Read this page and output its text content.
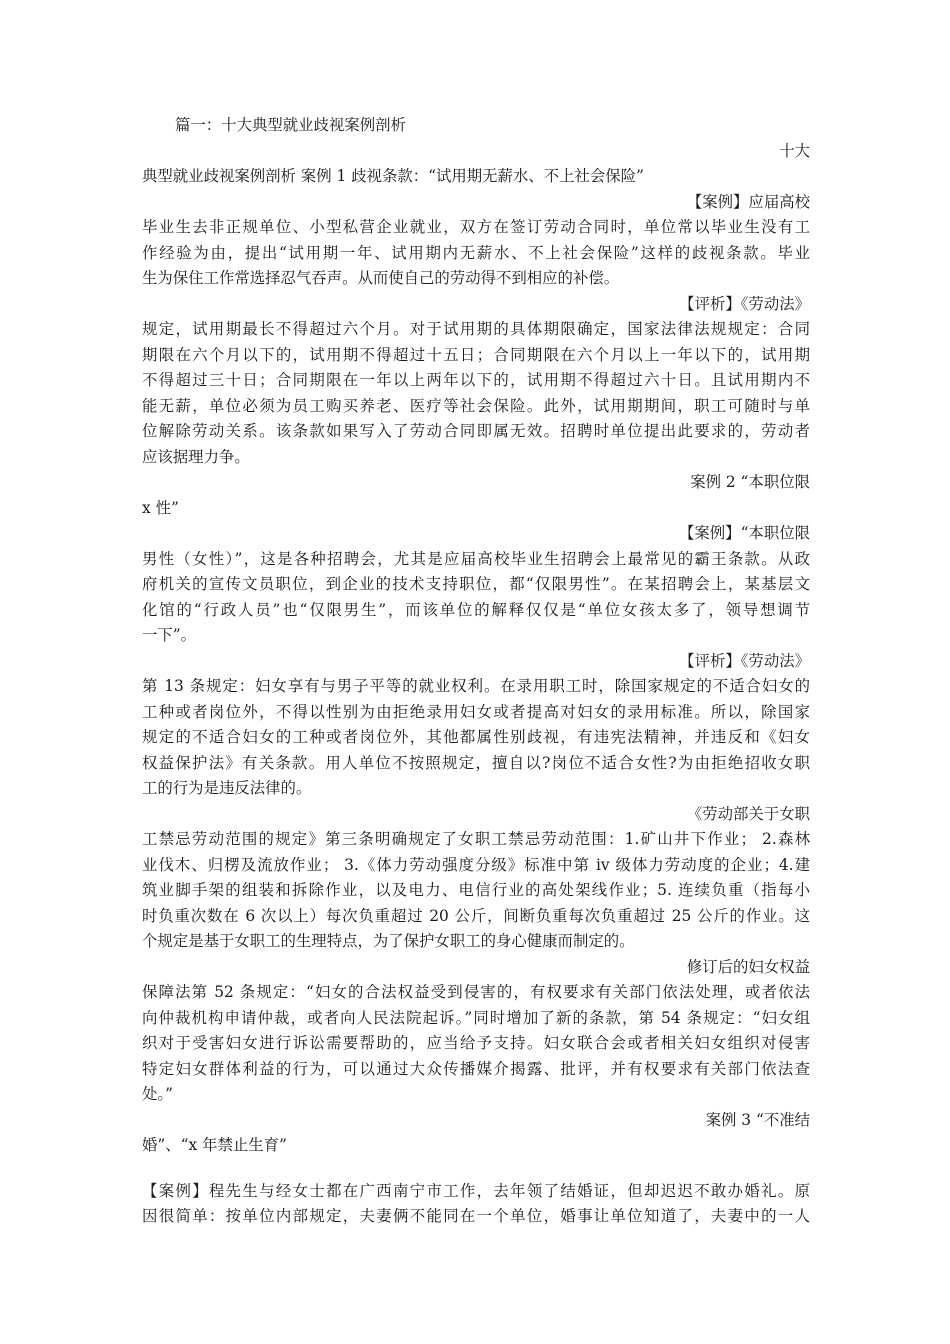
篇一：十大典型就业歧视案例剖析
十大
典型就业歧视案例剖析 案例 1 歧视条款：“试用期无薪水、不上社会保险”
【案例】应届高校
毕业生去非正规单位、小型私营企业就业，双方在签订劳动合同时，单位常以毕业生没有工
作经验为由，提出“试用期一年、试用期内无薪水、不上社会保险”这样的歧视条款。毕业
生为保住工作常选择忍气吞声。从而使自己的劳动得不到相应的补偿。
【评析】《劳动法》
规定，试用期最长不得超过六个月。对于试用期的具体期限确定，国家法律法规规定：合同
期限在六个月以下的，试用期不得超过十五日；合同期限在六个月以上一年以下的，试用期
不得超过三十日；合同期限在一年以上两年以下的，试用期不得超过六十日。且试用期内不
能无薪，单位必须为员工购买养老、医疗等社会保险。此外，试用期期间，职工可随时与单
位解除劳动关系。该条款如果写入了劳动合同即属无效。招聘时单位提出此要求的，劳动者
应该据理力争。
案例 2 “本职位限
x 性”
【案例】“本职位限
男性（女性）”，这是各种招聘会，尤其是应届高校毕业生招聘会上最常见的霸王条款。从政
府机关的宣传文员职位，到企业的技术支持职位，都“仅限男性”。在某招聘会上，某基层文
化馆的“行政人员”也“仅限男生”，而该单位的解释仅仅是“单位女孩太多了，领导想调节
一下”。
【评析】《劳动法》
第 13 条规定：妇女享有与男子平等的就业权利。在录用职工时，除国家规定的不适合妇女的
工种或者岗位外，不得以性别为由拒绝录用妇女或者提高对妇女的录用标准。所以，除国家
规定的不适合妇女的工种或者岗位外，其他都属性别歧视，有违宪法精神，并违反和《妇女
权益保护法》有关条款。用人单位不按照规定，擅自以?岗位不适合女性?为由拒绝招收女职
工的行为是违反法律的。
《劳动部关于女职
工禁忌劳动范围的规定》第三条明确规定了女职工禁忌劳动范围：1.矿山井下作业； 2.森林
业伐木、归楞及流放作业； 3.《体力劳动强度分级》标准中第 iv 级体力劳动度的企业；4.建
筑业脚手架的组装和拆除作业，以及电力、电信行业的高处架线作业；5. 连续负重（指每小
时负重次数在 6 次以上）每次负重超过 20 公斤，间断负重每次负重超过 25 公斤的作业。这
个规定是基于女职工的生理特点，为了保护女职工的身心健康而制定的。
修订后的妇女权益
保障法第 52 条规定：“妇女的合法权益受到侵害的，有权要求有关部门依法处理，或者依法
向仲裁机构申请仲裁，或者向人民法院起诉。”同时增加了新的条款，第 54 条规定：“妇女组
织对于受害妇女进行诉讼需要帮助的，应当给予支持。妇女联合会或者相关妇女组织对侵害
特定妇女群体利益的行为，可以通过大众传播媒介揭露、批评，并有权要求有关部门依法查
处。”
案例 3 “不准结
婚”、“x 年禁止生育”
【案例】程先生与经女士都在广西南宁市工作，去年领了结婚证，但却迟迟不敢办婚礼。原
因很简单：按单位内部规定，夫妻俩不能同在一个单位，婚事让单位知道了，夫妻中的一人
